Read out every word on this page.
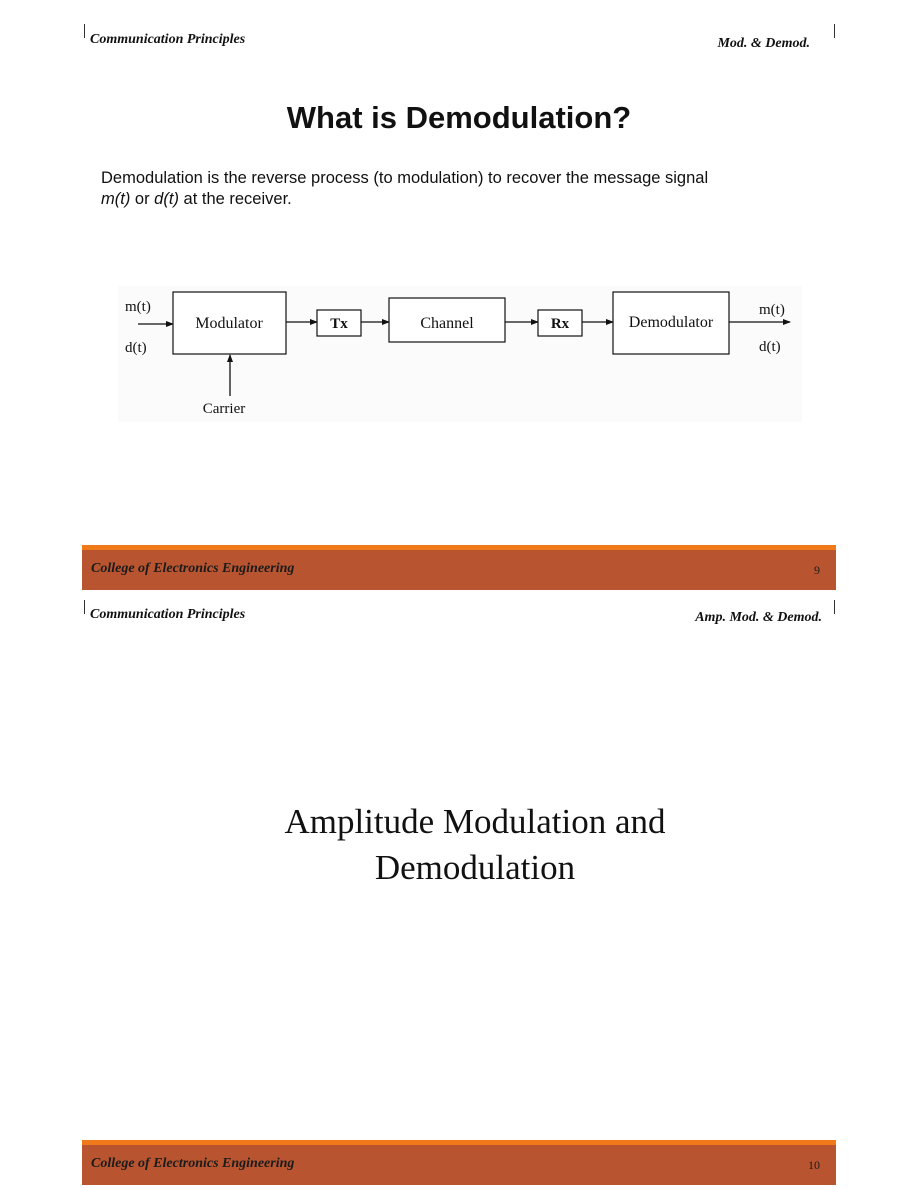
Communication Principles	Mod. & Demod.
What is Demodulation?
Demodulation is the reverse process (to modulation) to recover the message signal
m(t) or d(t) at the receiver.
m(t)
d(t)
Modulator
Carrier
Tx	Channel	Rx	Demodulator
m(t)
d(t)
College of Electronics Engineering	9
Communication Principles	Amp. Mod. & Demod.
Amplitude Modulation and
Demodulation
College of Electronics Engineering	10
